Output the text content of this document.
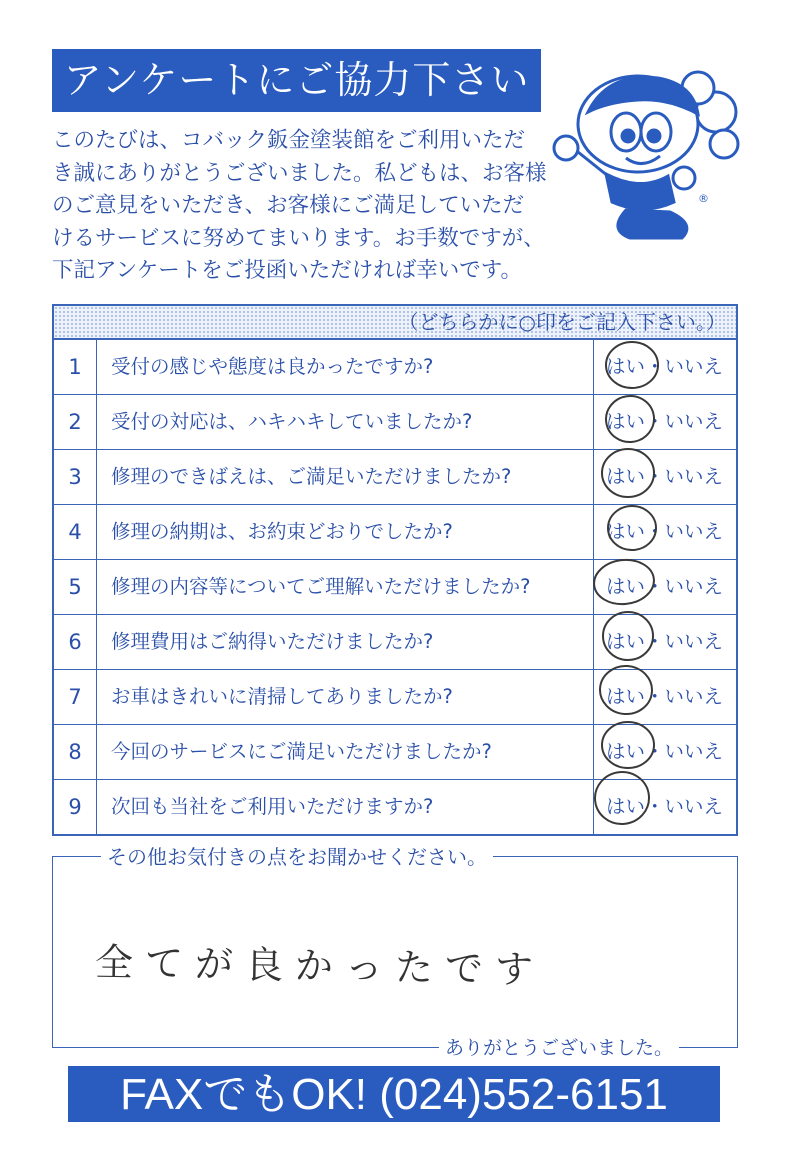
アンケートにご協力下さい
このたびは、コバック鈑金塗装館をご利用いただ
き誠にありがとうございました。私どもは、お客様
のご意見をいただき、お客様にご満足していただ
けるサービスに努めてまいります。お手数ですが、
下記アンケートをご投函いただければ幸いです。
®
（どちらかに○印をご記入下さい。）
1	受付の感じや態度は良かったですか?	はい・いいえ
2	受付の対応は、ハキハキしていましたか?	はい・いいえ
3	修理のできばえは、ご満足いただけましたか?	はい・いいえ
4	修理の納期は、お約束どおりでしたか?	はい・いいえ
5	修理の内容等についてご理解いただけましたか?	はい・いいえ
6	修理費用はご納得いただけましたか?	はい・いいえ
7	お車はきれいに清掃してありましたか?	はい・いいえ
8	今回のサービスにご満足いただけましたか?	はい・いいえ
9	次回も当社をご利用いただけますか?	はい・いいえ
その他お気付きの点をお聞かせください。
ありがとうございました。
全てが良かったです
FAXでもOK! (024)552-6151
